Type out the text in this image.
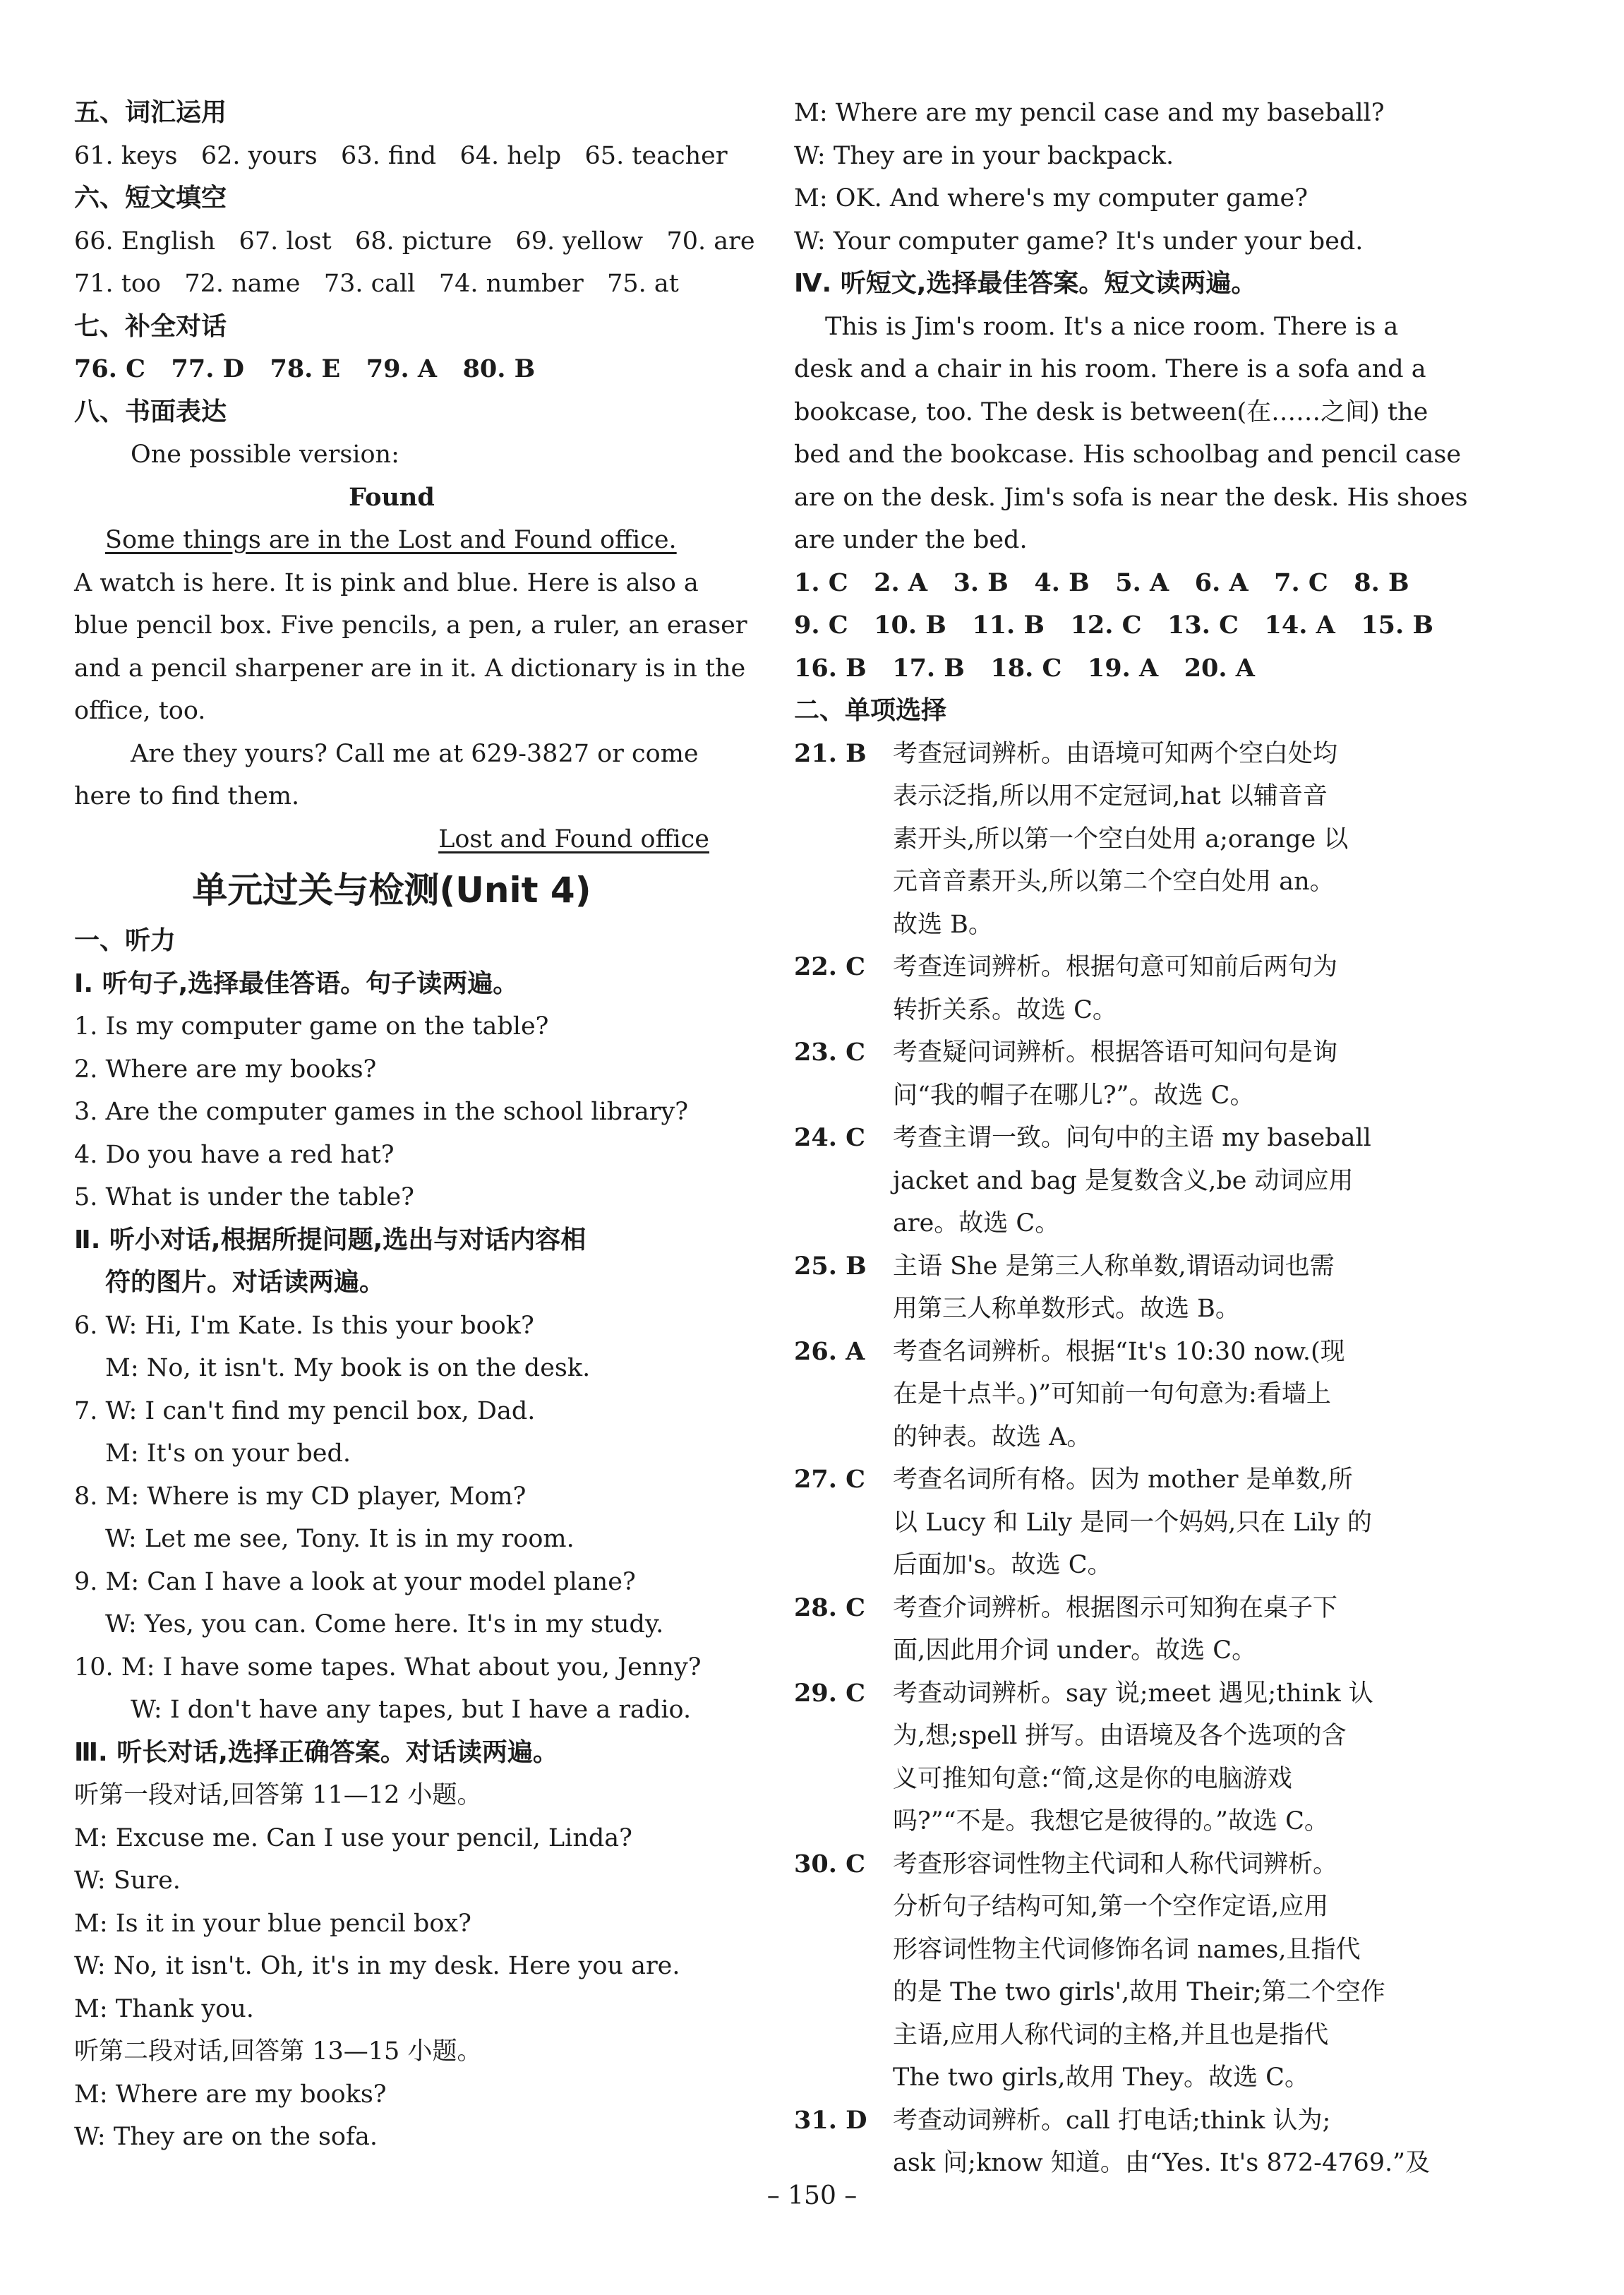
五、词汇运用
61. keys   62. yours   63. find   64. help   65. teacher
六、短文填空
66. English   67. lost   68. picture   69. yellow   70. are
71. too   72. name   73. call   74. number   75. at
七、补全对话
76. C   77. D   78. E   79. A   80. B
八、书面表达
One possible version:
Found
Some things are in the Lost and Found office.
A watch is here. It is pink and blue. Here is also a
blue pencil box. Five pencils, a pen, a ruler, an eraser
and a pencil sharpener are in it. A dictionary is in the
office, too.
Are they yours? Call me at 629-3827 or come
here to find them.
Lost and Found office
单元过关与检测(Unit 4)
一、听力
Ⅰ. 听句子,选择最佳答语。句子读两遍。
1. Is my computer game on the table?
2. Where are my books?
3. Are the computer games in the school library?
4. Do you have a red hat?
5. What is under the table?
Ⅱ. 听小对话,根据所提问题,选出与对话内容相
符的图片。对话读两遍。
6. W: Hi, I'm Kate. Is this your book?
M: No, it isn't. My book is on the desk.
7. W: I can't find my pencil box, Dad.
M: It's on your bed.
8. M: Where is my CD player, Mom?
W: Let me see, Tony. It is in my room.
9. M: Can I have a look at your model plane?
W: Yes, you can. Come here. It's in my study.
10. M: I have some tapes. What about you, Jenny?
W: I don't have any tapes, but I have a radio.
Ⅲ. 听长对话,选择正确答案。对话读两遍。
听第一段对话,回答第 11—12 小题。
M: Excuse me. Can I use your pencil, Linda?
W: Sure.
M: Is it in your blue pencil box?
W: No, it isn't. Oh, it's in my desk. Here you are.
M: Thank you.
听第二段对话,回答第 13—15 小题。
M: Where are my books?
W: They are on the sofa.
M: Where are my pencil case and my baseball?
W: They are in your backpack.
M: OK. And where's my computer game?
W: Your computer game? It's under your bed.
Ⅳ. 听短文,选择最佳答案。短文读两遍。
This is Jim's room. It's a nice room. There is a
desk and a chair in his room. There is a sofa and a
bookcase, too. The desk is between(在……之间) the
bed and the bookcase. His schoolbag and pencil case
are on the desk. Jim's sofa is near the desk. His shoes
are under the bed.
1. C   2. A   3. B   4. B   5. A   6. A   7. C   8. B
9. C   10. B   11. B   12. C   13. C   14. A   15. B
16. B   17. B   18. C   19. A   20. A
二、单项选择
21. B	考查冠词辨析。由语境可知两个空白处均
表示泛指,所以用不定冠词,hat 以辅音音
素开头,所以第一个空白处用 a;orange 以
元音音素开头,所以第二个空白处用 an。
故选 B。
22. C	考查连词辨析。根据句意可知前后两句为
转折关系。故选 C。
23. C	考查疑问词辨析。根据答语可知问句是询
问“我的帽子在哪儿?”。故选 C。
24. C	考查主谓一致。问句中的主语 my baseball
jacket and bag 是复数含义,be 动词应用
are。故选 C。
25. B	主语 She 是第三人称单数,谓语动词也需
用第三人称单数形式。故选 B。
26. A	考查名词辨析。根据“It's 10:30 now.(现
在是十点半。)”可知前一句句意为:看墙上
的钟表。故选 A。
27. C	考查名词所有格。因为 mother 是单数,所
以 Lucy 和 Lily 是同一个妈妈,只在 Lily 的
后面加's。故选 C。
28. C	考查介词辨析。根据图示可知狗在桌子下
面,因此用介词 under。故选 C。
29. C	考查动词辨析。say 说;meet 遇见;think 认
为,想;spell 拼写。由语境及各个选项的含
义可推知句意:“简,这是你的电脑游戏
吗?”“不是。我想它是彼得的。”故选 C。
30. C	考查形容词性物主代词和人称代词辨析。
分析句子结构可知,第一个空作定语,应用
形容词性物主代词修饰名词 names,且指代
的是 The two girls',故用 Their;第二个空作
主语,应用人称代词的主格,并且也是指代
The two girls,故用 They。故选 C。
31. D	考查动词辨析。call 打电话;think 认为;
ask 问;know 知道。由“Yes. It's 872-4769.”及
– 150 –
